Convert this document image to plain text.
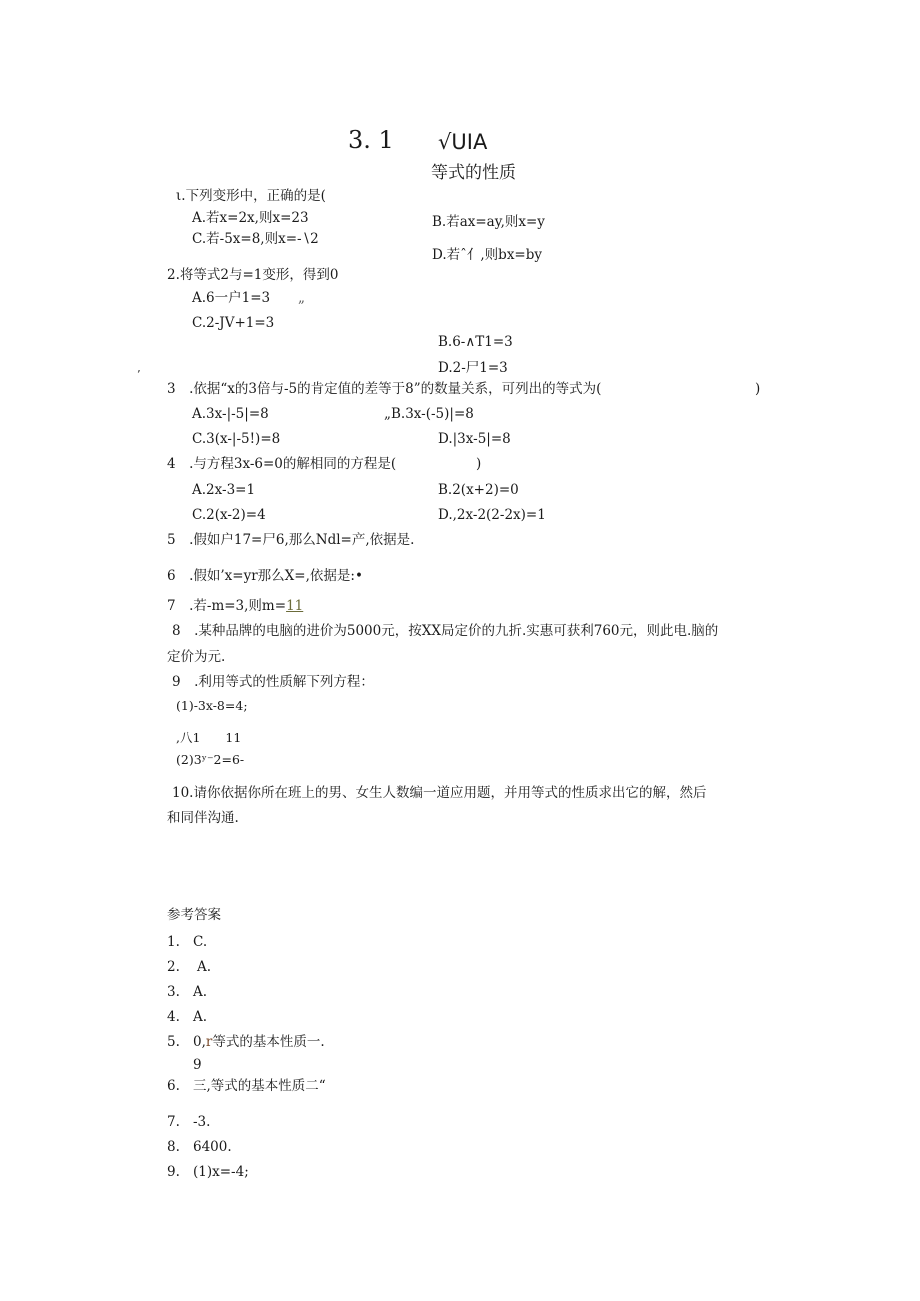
3. 1 √UIA
等式的性质
ι.下列变形中，正确的是(
A.若x=2x,则x=23	B.若ax=ay,则x=y
C.若-5x=8,则x=-∖2
D.若ˆ亻,则bx=by
2.将等式2与=1变形，得到0
A.6一户1=3 „
C.2-JV+1=3
B.6-∧T1=3
D.2-尸1=3
’
3　.依据“x的3倍与-5的肯定值的差等于8”的数量关系，可列出的等式为(	)
A.3x-|-5|=8	„B.3x-(-5)|=8
C.3(x-|-5!)=8	D.|3x-5|=8
4　.与方程3x-6=0的解相同的方程是(	)
A.2x-3=1	B.2(x+2)=0
C.2(x-2)=4	D.,2x-2(2-2x)=1
5　.假如户17=尸6,那么Ndl=产,依据是.
6　.假如’x=yr那么X=,依据是:•
7　.若-m=3,则m=11
8　.某种品牌的电脑的进价为5000元，按XX局定价的九折.实惠可获利760元，则此电.脑的
定价为元.
9　.利用等式的性质解下列方程：
(1)-3x-8=4;
,八1　　11
(2)3ʸ⁻2=6-
10.请你依据你所在班上的男、女生人数编一道应用题，并用等式的性质求出它的解，然后
和同伴沟通.
参考答案
1. C.
2. A.
3. A.
4. A.
5. 0,r等式的基本性质一.
9
6. 三,等式的基本性质二“
7. -3.
8. 6400.
9. (1)x=-4;
